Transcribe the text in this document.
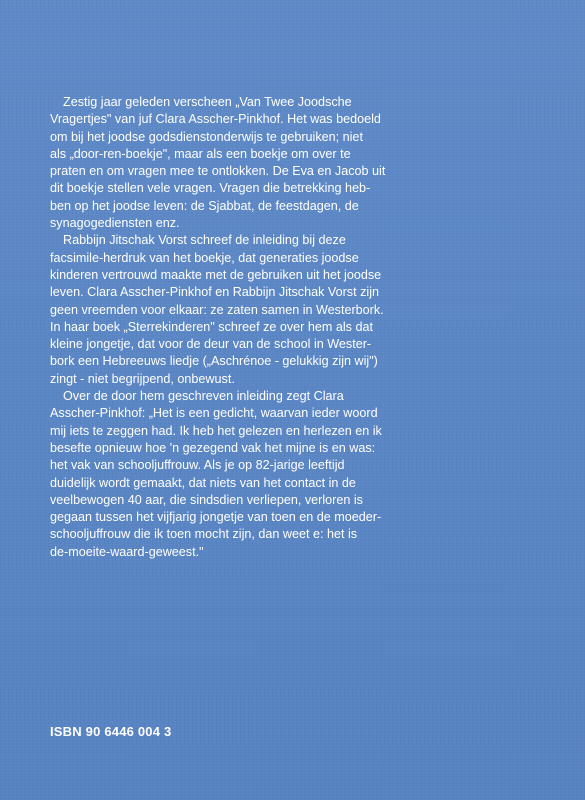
Zestig jaar geleden verscheen „Van Twee Joodsche
Vragertjes" van juf Clara Asscher-Pinkhof. Het was bedoeld
om bij het joodse godsdienstonderwijs te gebruiken; niet
als „door-ren-boekje", maar als een boekje om over te
praten en om vragen mee te ontlokken. De Eva en Jacob uit
dit boekje stellen vele vragen. Vragen die betrekking heb-
ben op het joodse leven: de Sjabbat, de feestdagen, de
synagogediensten enz.
Rabbijn Jitschak Vorst schreef de inleiding bij deze
facsimile-herdruk van het boekje, dat generaties joodse
kinderen vertrouwd maakte met de gebruiken uit het joodse
leven. Clara Asscher-Pinkhof en Rabbijn Jitschak Vorst zijn
geen vreemden voor elkaar: ze zaten samen in Westerbork.
In haar boek „Sterrekinderen" schreef ze over hem als dat
kleine jongetje, dat voor de deur van de school in Wester-
bork een Hebreeuws liedje („Aschrénoe - gelukkig zijn wij")
zingt - niet begrijpend, onbewust.
Over de door hem geschreven inleiding zegt Clara
Asscher-Pinkhof: „Het is een gedicht, waarvan ieder woord
mij iets te zeggen had. Ik heb het gelezen en herlezen en ik
besefte opnieuw hoe 'n gezegend vak het mijne is en was:
het vak van schooljuffrouw. Als je op 82-jarige leeftijd
duidelijk wordt gemaakt, dat niets van het contact in de
veelbewogen 40 aar, die sindsdien verliepen, verloren is
gegaan tussen het vijfjarig jongetje van toen en de moeder-
schooljuffrouw die ik toen mocht zijn, dan weet e: het is
de-moeite-waard-geweest."
ISBN 90 6446 004 3
